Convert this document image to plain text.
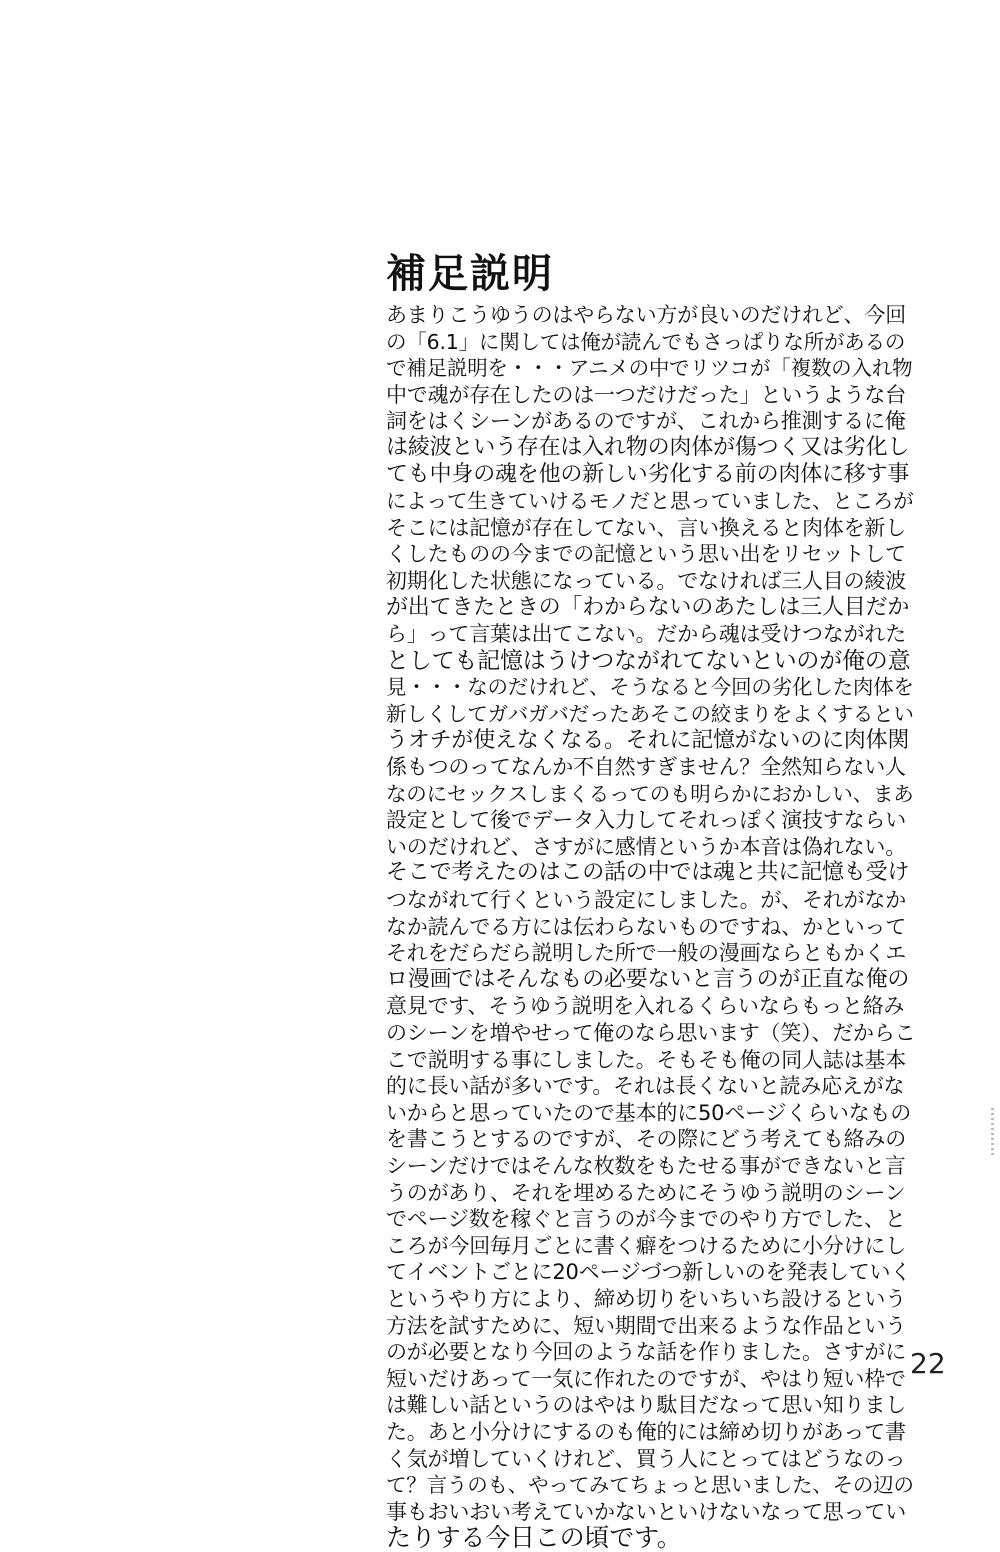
補足説明
あまりこうゆうのはやらない方が良いのだけれど、今回
の「6.1」に関しては俺が読んでもさっぱりな所があるの
で補足説明を・・・アニメの中でリツコが「複数の入れ物
中で魂が存在したのは一つだけだった」というような台
詞をはくシーンがあるのですが、これから推測するに俺
は綾波という存在は入れ物の肉体が傷つく又は劣化し
ても中身の魂を他の新しい劣化する前の肉体に移す事
によって生きていけるモノだと思っていました、ところが
そこには記憶が存在してない、言い換えると肉体を新し
くしたものの今までの記憶という思い出をリセットして
初期化した状態になっている。でなければ三人目の綾波
が出てきたときの「わからないのあたしは三人目だか
ら」って言葉は出てこない。だから魂は受けつながれた
としても記憶はうけつながれてないといのが俺の意
見・・・なのだけれど、そうなると今回の劣化した肉体を
新しくしてガバガバだったあそこの絞まりをよくするとい
うオチが使えなくなる。それに記憶がないのに肉体関
係もつのってなんか不自然すぎません？全然知らない人
なのにセックスしまくるってのも明らかにおかしい、まあ
設定として後でデータ入力してそれっぽく演技すならい
いのだけれど、さすがに感情というか本音は偽れない。
そこで考えたのはこの話の中では魂と共に記憶も受け
つながれて行くという設定にしました。が、それがなか
なか読んでる方には伝わらないものですね、かといって
それをだらだら説明した所で一般の漫画ならともかくエ
ロ漫画ではそんなもの必要ないと言うのが正直な俺の
意見です、そうゆう説明を入れるくらいならもっと絡み
のシーンを増やせって俺のなら思います（笑）、だからこ
こで説明する事にしました。そもそも俺の同人誌は基本
的に長い話が多いです。それは長くないと読み応えがな
いからと思っていたので基本的に50ページくらいなもの
を書こうとするのですが、その際にどう考えても絡みの
シーンだけではそんな枚数をもたせる事ができないと言
うのがあり、それを埋めるためにそうゆう説明のシーン
でページ数を稼ぐと言うのが今までのやり方でした、と
ころが今回毎月ごとに書く癖をつけるために小分けにし
てイベントごとに20ページづつ新しいのを発表していく
というやり方により、締め切りをいちいち設けるという
方法を試すために、短い期間で出来るような作品という
のが必要となり今回のような話を作りました。さすがに
短いだけあって一気に作れたのですが、やはり短い枠で
は難しい話というのはやはり駄目だなって思い知りまし
た。あと小分けにするのも俺的には締め切りがあって書
く気が増していくけれど、買う人にとってはどうなのっ
て？言うのも、やってみてちょっと思いました、その辺の
事もおいおい考えていかないといけないなって思ってい
たりする今日この頃です。
22
